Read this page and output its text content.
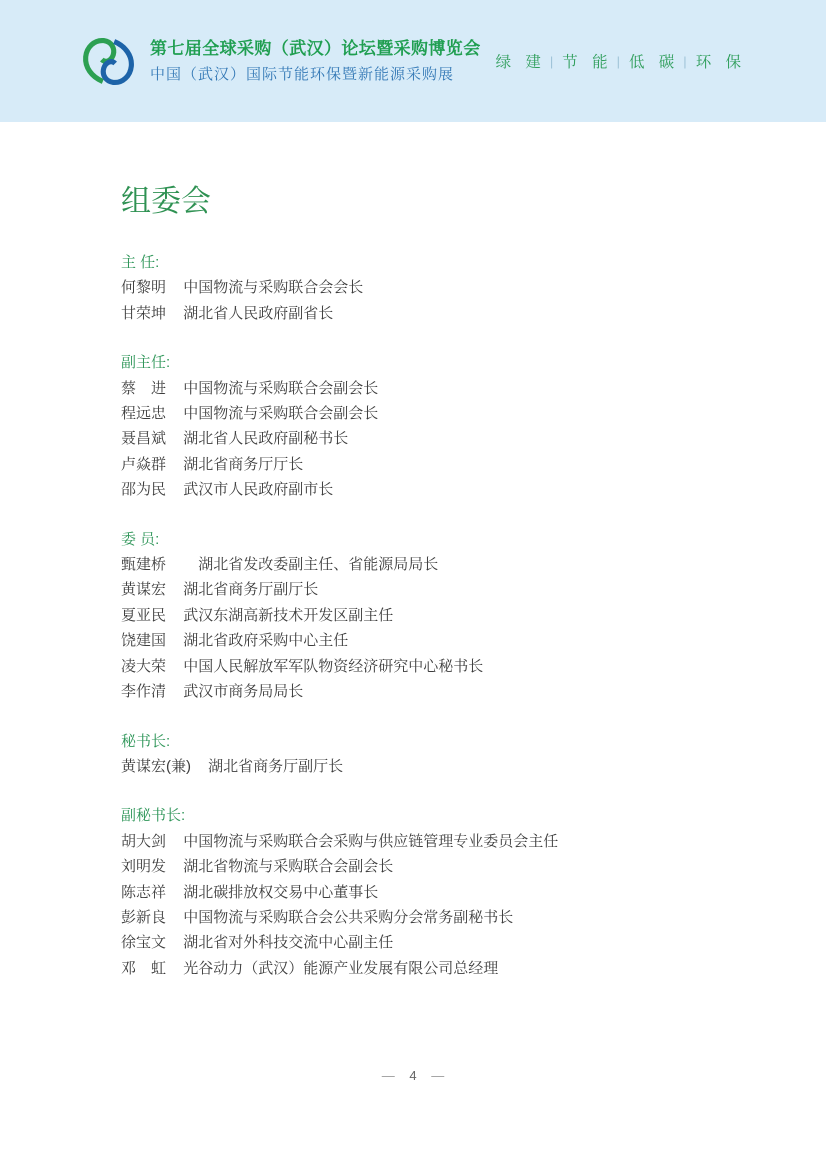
第七届全球采购（武汉）论坛暨采购博览会
中国（武汉）国际节能环保暨新能源采购展
绿 建 | 节 能 | 低 碳 | 环 保
组委会
主 任:
何黎明 中国物流与采购联合会会长
甘荣坤 湖北省人民政府副省长
副主任:
蔡　进 中国物流与采购联合会副会长
程远忠 中国物流与采购联合会副会长
聂昌斌 湖北省人民政府副秘书长
卢焱群 湖北省商务厅厅长
邵为民 武汉市人民政府副市长
委 员:
甄建桥　 湖北省发改委副主任、省能源局局长
黄谋宏 湖北省商务厅副厅长
夏亚民 武汉东湖高新技术开发区副主任
饶建国 湖北省政府采购中心主任
凌大荣 中国人民解放军军队物资经济研究中心秘书长
李作清 武汉市商务局局长
秘书长:
黄谋宏(兼) 湖北省商务厅副厅长
副秘书长:
胡大剑 中国物流与采购联合会采购与供应链管理专业委员会主任
刘明发 湖北省物流与采购联合会副会长
陈志祥 湖北碳排放权交易中心董事长
彭新良 中国物流与采购联合会公共采购分会常务副秘书长
徐宝文 湖北省对外科技交流中心副主任
邓　虹 光谷动力（武汉）能源产业发展有限公司总经理
— 4 —
